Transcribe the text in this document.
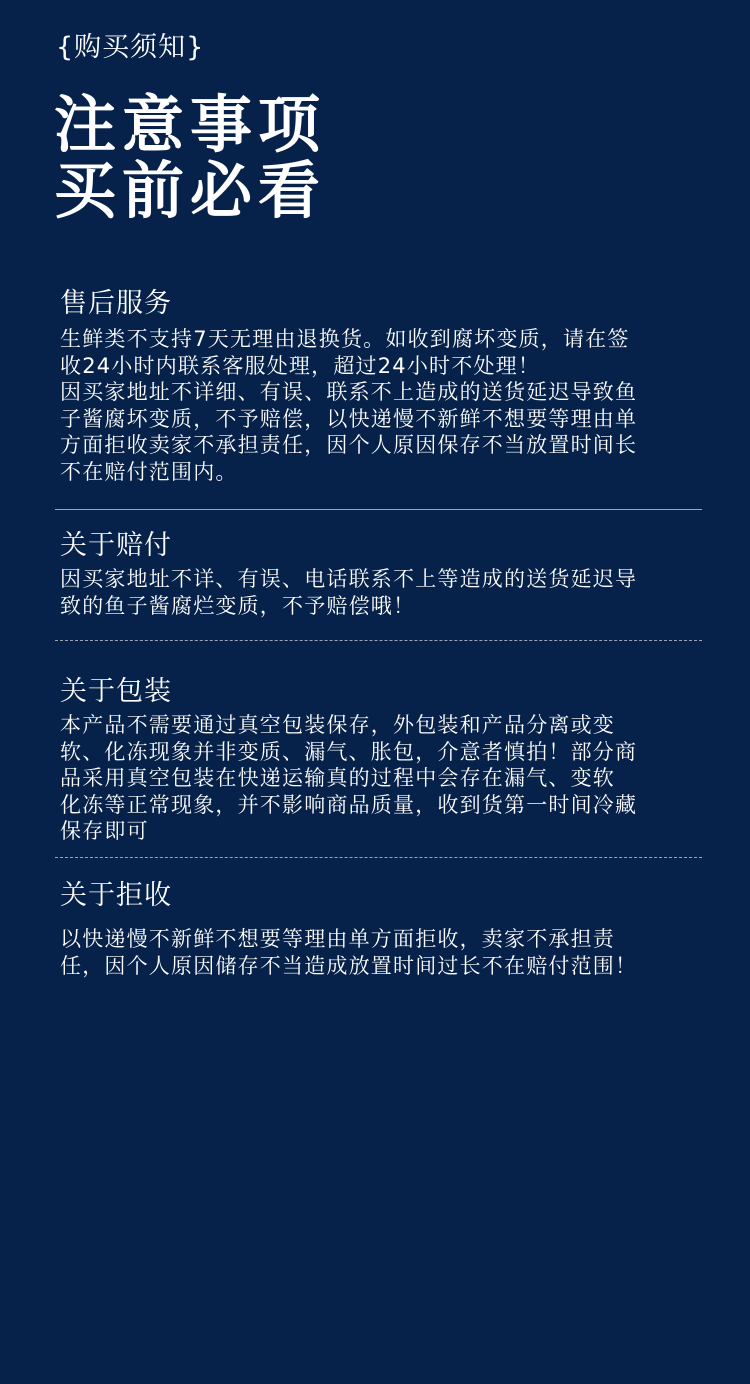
{购买须知}
注意事项
买前必看
售后服务

生鲜类不支持7天无理由退换货。如收到腐坏变质，请在签
收24小时内联系客服处理，超过24小时不处理！
因买家地址不详细、有误、联系不上造成的送货延迟导致鱼
子酱腐坏变质，不予赔偿，以快递慢不新鲜不想要等理由单
方面拒收卖家不承担责任，因个人原因保存不当放置时间长
不在赔付范围内。

关于赔付

因买家地址不详、有误、电话联系不上等造成的送货延迟导
致的鱼子酱腐烂变质，不予赔偿哦！

关于包装

本产品不需要通过真空包装保存，外包装和产品分离或变
软、化冻现象并非变质、漏气、胀包，介意者慎拍！部分商
品采用真空包装在快递运输真的过程中会存在漏气、变软
化冻等正常现象，并不影响商品质量，收到货第一时间冷藏
保存即可

关于拒收

以快递慢不新鲜不想要等理由单方面拒收，卖家不承担责
任，因个人原因储存不当造成放置时间过长不在赔付范围！
